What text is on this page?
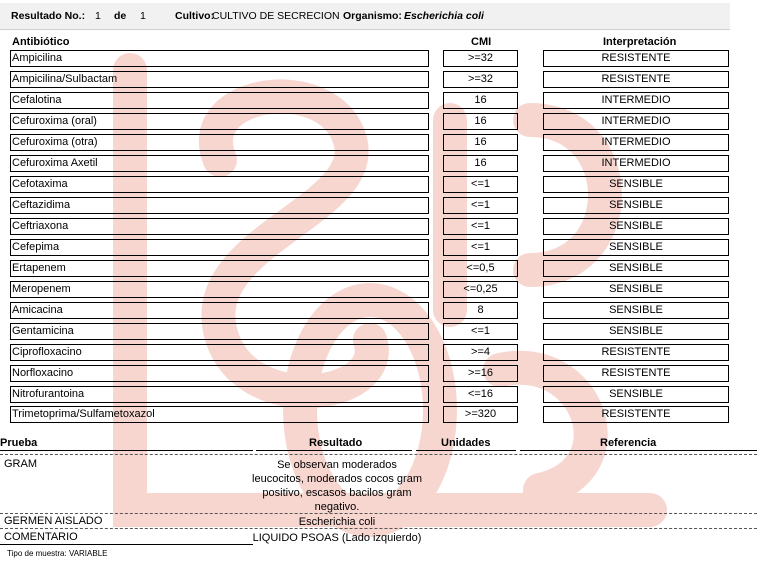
Resultado No.: 1 de 1	Cultivo:
CULTIVO DE SECRECION Organismo: Escherichia coli
Antibiótico	CMI	Interpretación
Ampicilina	>=32	RESISTENTE
Ampicilina/Sulbactam	>=32	RESISTENTE
Cefalotina	16	INTERMEDIO
Cefuroxima (oral)	16	INTERMEDIO
Cefuroxima (otra)	16	INTERMEDIO
Cefuroxima Axetil	16	INTERMEDIO
Cefotaxima	<=1	SENSIBLE
Ceftazidima	<=1	SENSIBLE
Ceftriaxona	<=1	SENSIBLE
Cefepima	<=1	SENSIBLE
Ertapenem	<=0,5	SENSIBLE
Meropenem	<=0,25	SENSIBLE
Amicacina	8	SENSIBLE
Gentamicina	<=1	SENSIBLE
Ciprofloxacino	>=4	RESISTENTE
Norfloxacino	>=16	RESISTENTE
Nitrofurantoina	<=16	SENSIBLE
Trimetoprima/Sulfametoxazol	>=320	RESISTENTE
Prueba	Resultado	Unidades	Referencia
GRAM	Se observan moderados
leucocitos, moderados cocos gram
positivo, escasos bacilos gram
negativo.
GERMEN AISLADO	Escherichia coli
COMENTARIO	LIQUIDO PSOAS (Lado izquierdo)
Tipo de muestra: VARIABLE
